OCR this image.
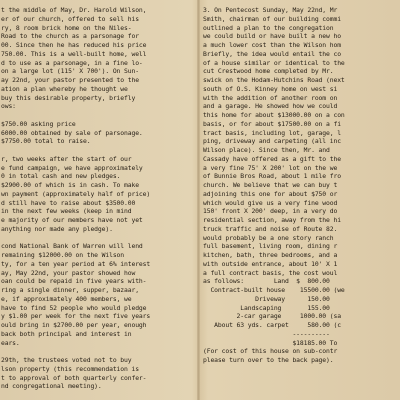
t the middle of May, Dr. Harold Wilson,
er of our church, offered to sell his
ry, 8 room brick home on the Niles-
Road to the church as a parsonage for
00. Since then he has reduced his price
750.00. This is a well-built home, well
d to use as a parsonage, in a fine lo-
on a large lot (115' X 700'). On Sun-
ay 22nd, your pastor presented to the
ation a plan whereby he thought we
buy this desirable property, briefly
ows:
$750.00 asking price
6000.00 obtained by sale of parsonage.
$7750.00 total to raise.
r, two weeks after the start of our
e fund campaign, we have approximately
0 in total cash and new pledges.
$2900.00 of which is in cash. To make
wn payment (approximately half of price)
d still have to raise about $3500.00
in the next few weeks (keep in mind
e majority of our members have not yet
anything nor made any pledge).
cond National Bank of Warren will lend
remaining $12000.00 on the Wilson
ty, for a ten year period at 6% interest
ay, May 22nd, your pastor showed how
oan could be repaid in five years with-
ring a single dinner, supper, bazaar,
e, if approximately 400 members, we
have to find 52 people who would pledge
y $1.00 per week for the next five years
ould bring in $2700.00 per year, enough
back both principal and interest in
ears.
29th, the trustees voted not to buy
lson property (this recommendation is
t to approval of both quarterly confer-
nd congregational meeting).
3. On Pentecost Sunday, May 22nd, Mr
Smith, chairman of our building commi
outlined a plan to the congregation
we could build or have built a new ho
a much lower cost than the Wilson hom
Briefly, the idea would entail the co
of a house similar or identical to the
cut Crestwood home completed by Mr.
swick on the Hodam-Hutchins Road (next
south of O.S. Kinney home on west si
with the addition of another room on
and a garage. He showed how we could
this home for about $13000.00 on a con
basis, or for about $17500.00 on a fi
tract basis, including lot, garage, l
ping, driveway and carpeting (all inc
Wilson place). Since then, Mr. and
Cassady have offered as a gift to the
a very fine 75' X 200' lot on the we
of Bunnie Bros Road, about 1 mile fro
church. We believe that we can buy t
adjoining this one for about $750 or
which would give us a very fine wood
150' front X 200' deep, in a very do
residential section, away from the hi
truck traffic and noise of Route 82.
would probably be a one story ranch
full basement, living room, dining r
kitchen, bath, three bedrooms, and a
with outside entrance, about 10' X 1
a full contract basis, the cost woul
as follows:        Land  $  800.00
Contract-built house    15500.00 (we
Driveway      150.00
Landscaping       155.00
2-car garage     1000.00 (sa
About 63 yds. carpet     580.00 (c
----------
$18185.00 To
(For cost of this house on sub-contr
please turn over to the back page).
